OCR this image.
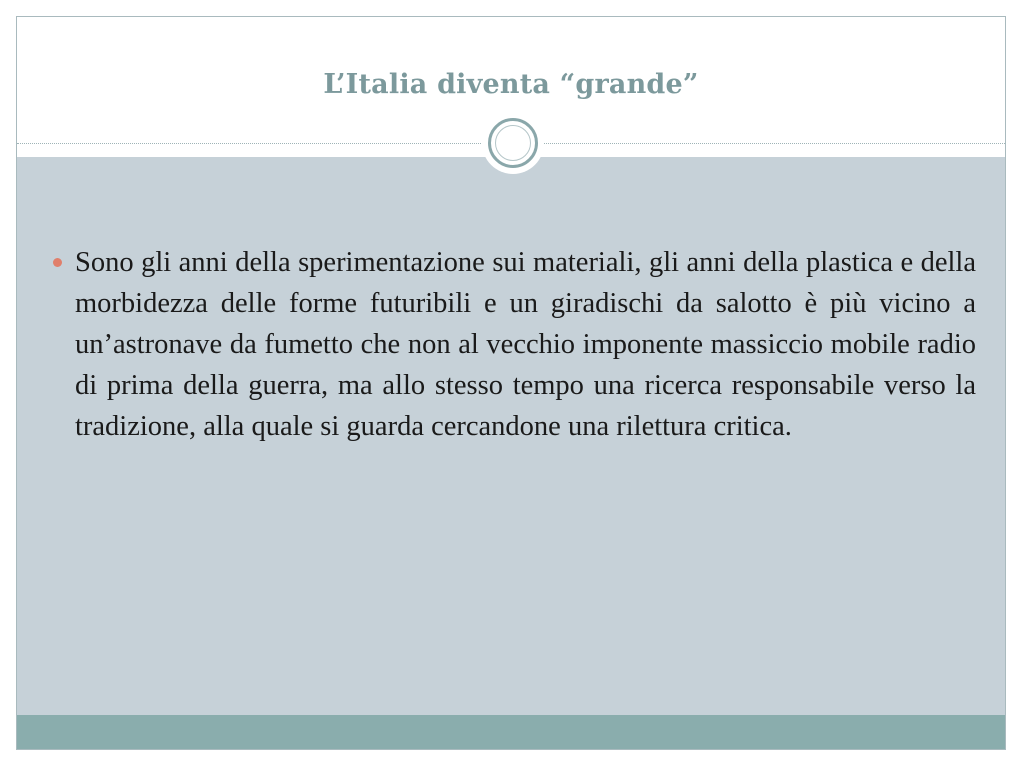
L’Italia diventa “grande”

Sono gli anni della sperimentazione sui materiali, gli anni della plastica e della morbidezza delle forme futuribili e un giradischi da salotto è più vicino a un’astronave da fumetto che non al vecchio imponente massiccio mobile radio di prima della guerra, ma allo stesso tempo una ricerca responsabile verso la tradizione, alla quale si guarda cercandone una rilettura critica.
